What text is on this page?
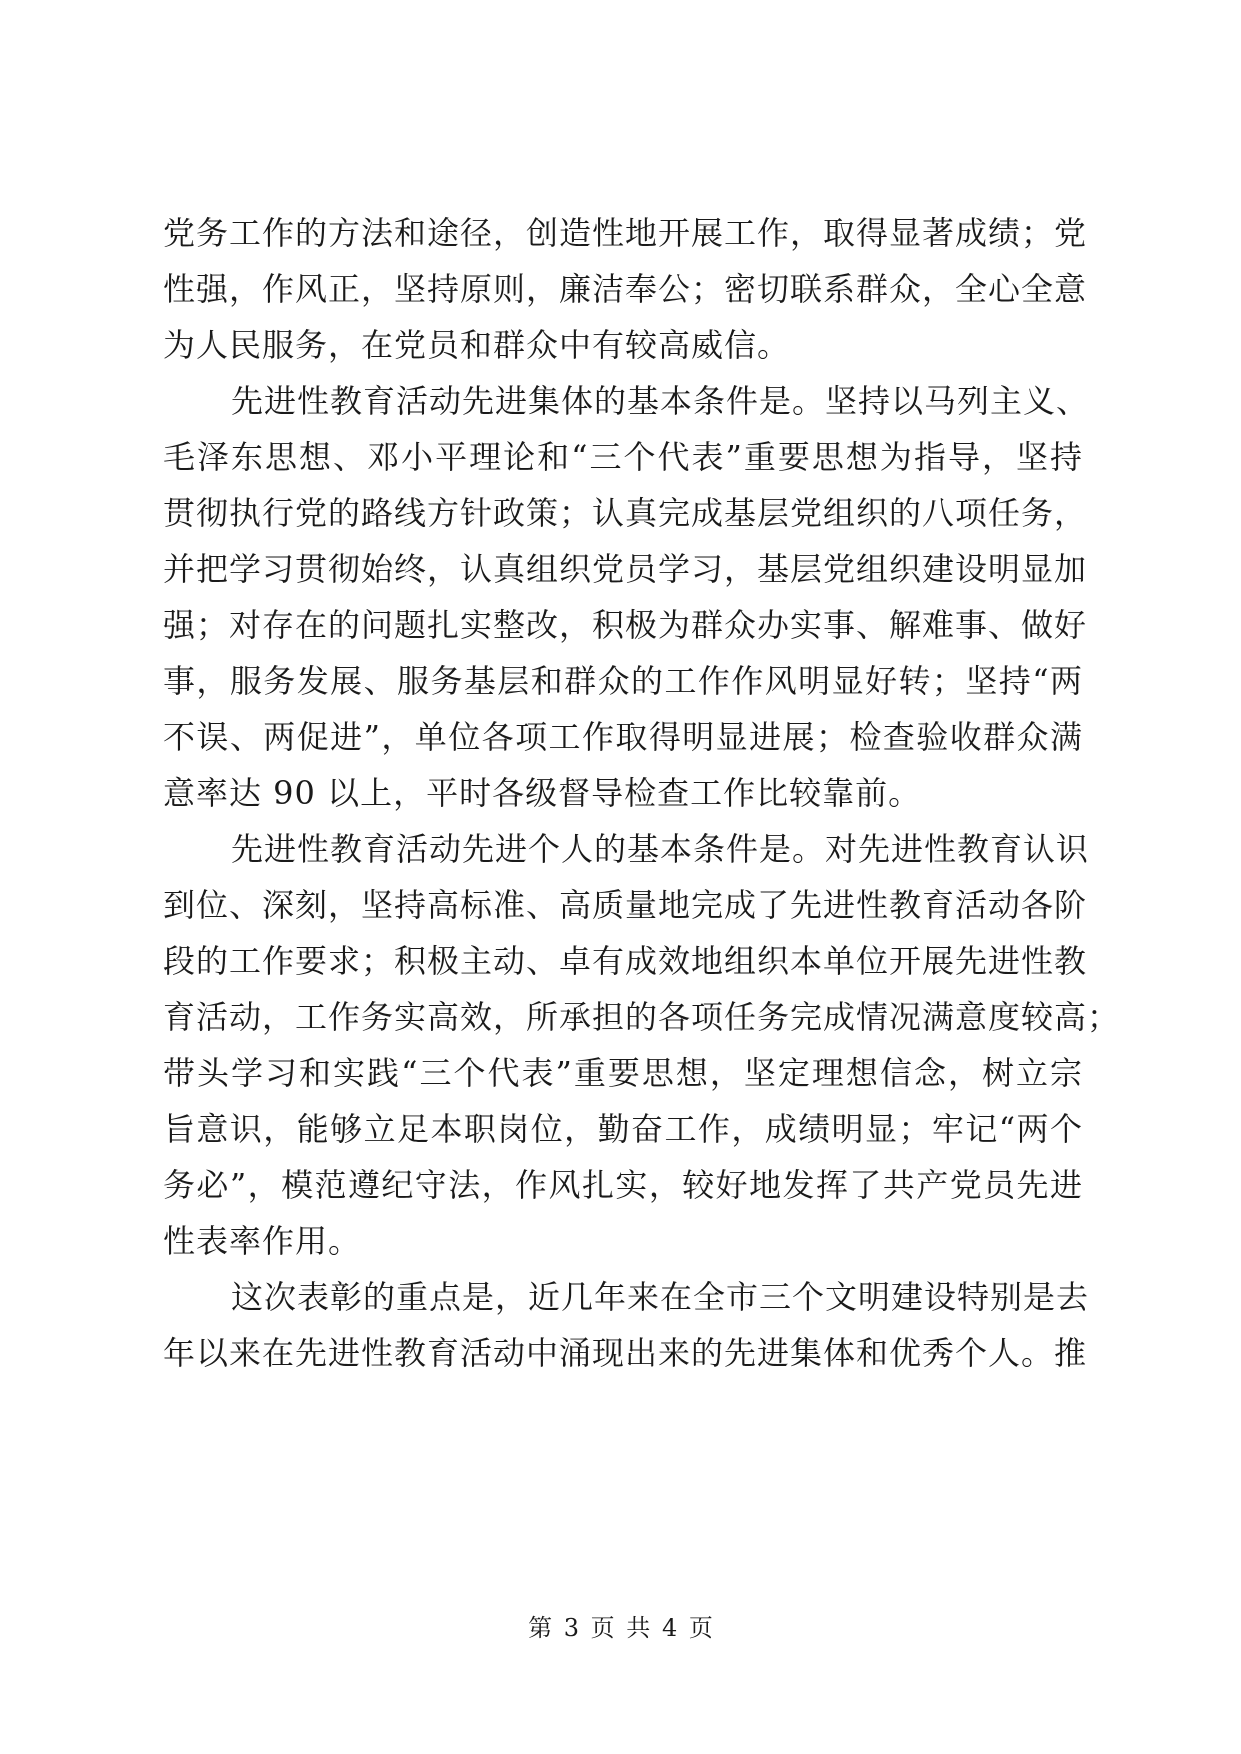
党务工作的方法和途径，创造性地开展工作，取得显著成绩；党
性强，作风正，坚持原则，廉洁奉公；密切联系群众，全心全意
为人民服务，在党员和群众中有较高威信。
先进性教育活动先进集体的基本条件是。坚持以马列主义、
毛泽东思想、邓小平理论和“三个代表”重要思想为指导，坚持
贯彻执行党的路线方针政策；认真完成基层党组织的八项任务，
并把学习贯彻始终，认真组织党员学习，基层党组织建设明显加
强；对存在的问题扎实整改，积极为群众办实事、解难事、做好
事，服务发展、服务基层和群众的工作作风明显好转；坚持“两
不误、两促进”，单位各项工作取得明显进展；检查验收群众满
意率达 90 以上，平时各级督导检查工作比较靠前。
先进性教育活动先进个人的基本条件是。对先进性教育认识
到位、深刻，坚持高标准、高质量地完成了先进性教育活动各阶
段的工作要求；积极主动、卓有成效地组织本单位开展先进性教
育活动，工作务实高效，所承担的各项任务完成情况满意度较高；
带头学习和实践“三个代表”重要思想，坚定理想信念，树立宗
旨意识，能够立足本职岗位，勤奋工作，成绩明显；牢记“两个
务必”，模范遵纪守法，作风扎实，较好地发挥了共产党员先进
性表率作用。
这次表彰的重点是，近几年来在全市三个文明建设特别是去
年以来在先进性教育活动中涌现出来的先进集体和优秀个人。推
第 3 页 共 4 页
